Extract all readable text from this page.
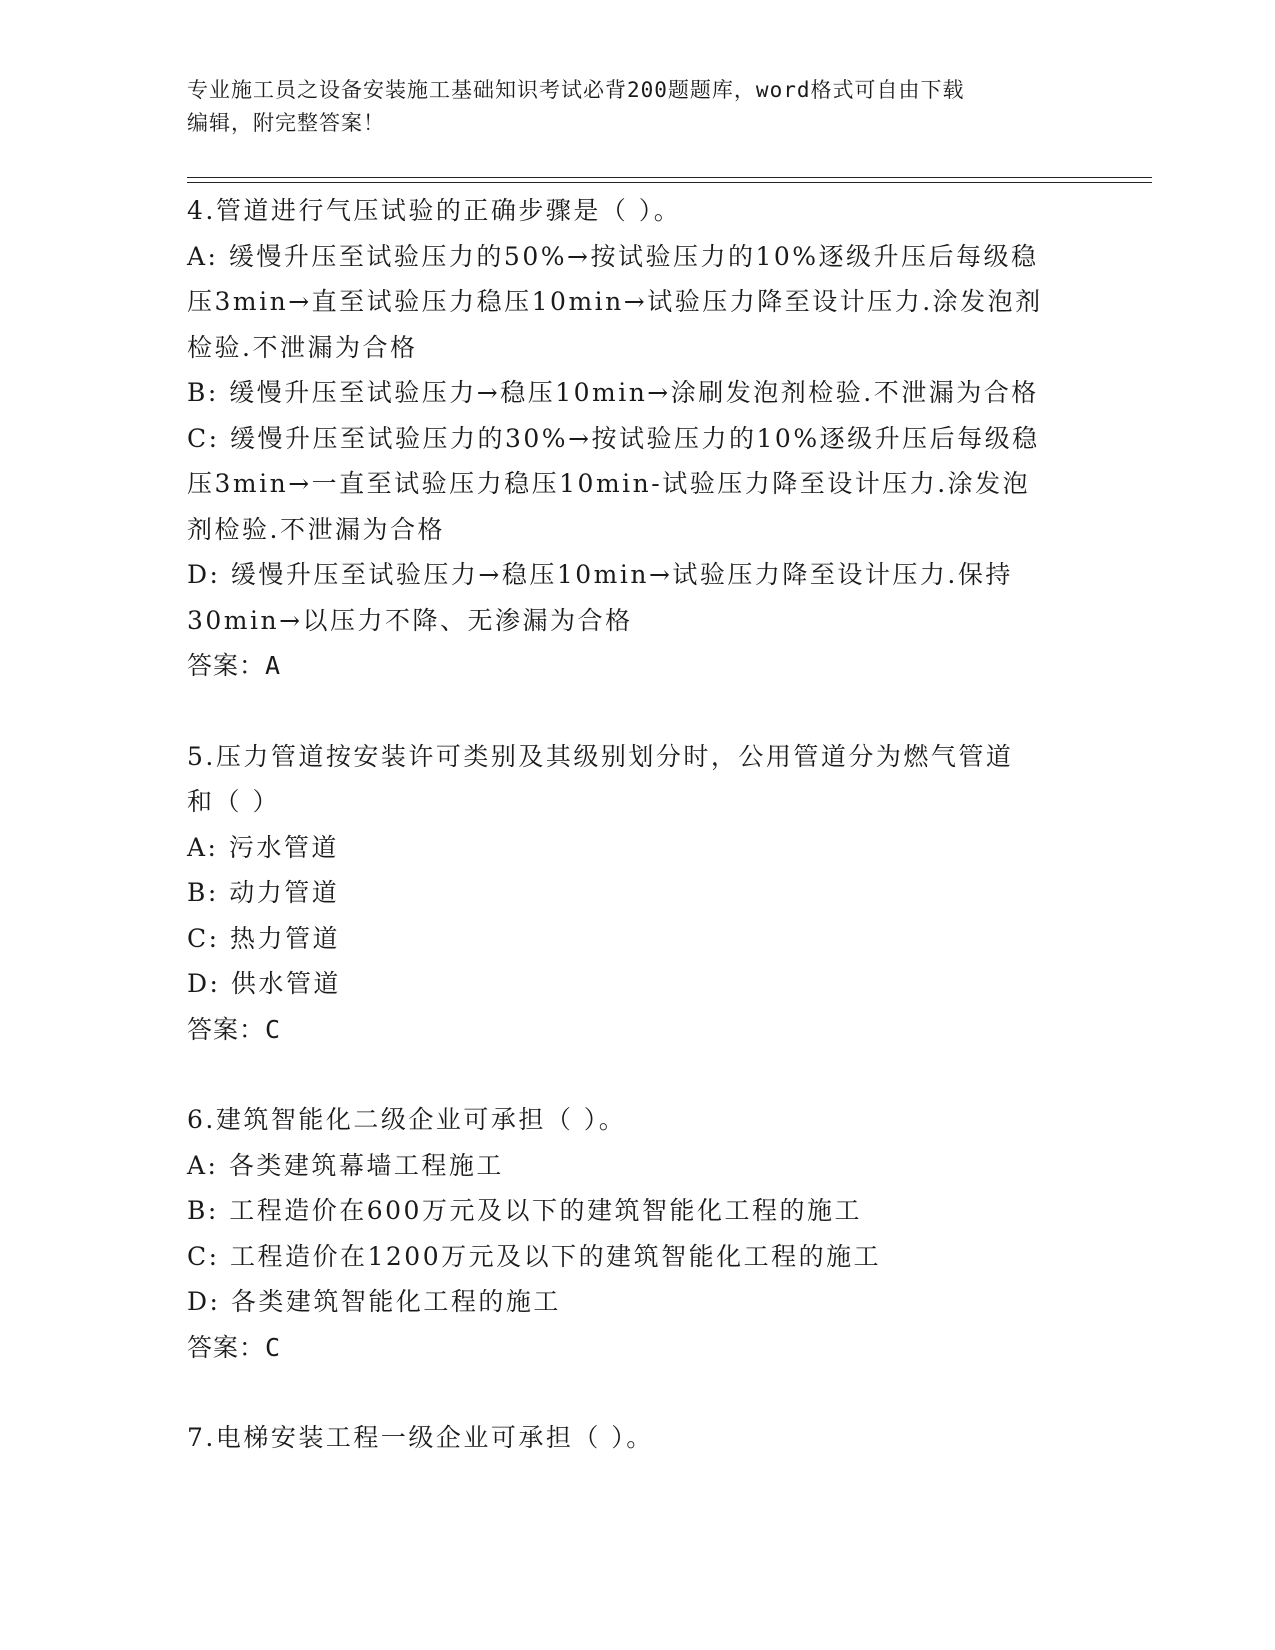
专业施工员之设备安装施工基础知识考试必背200题题库，word格式可自由下载
编辑，附完整答案！

4.管道进行气压试验的正确步骤是（ ）。

A: 缓慢升压至试验压力的50%→按试验压力的10%逐级升压后每级稳

压3min→直至试验压力稳压10min→试验压力降至设计压力.涂发泡剂

检验.不泄漏为合格

B: 缓慢升压至试验压力→稳压10min→涂刷发泡剂检验.不泄漏为合格

C: 缓慢升压至试验压力的30%→按试验压力的10%逐级升压后每级稳

压3min→一直至试验压力稳压10min-试验压力降至设计压力.涂发泡

剂检验.不泄漏为合格

D: 缓慢升压至试验压力→稳压10min→试验压力降至设计压力.保持

30min→以压力不降、无渗漏为合格

答案：A

5.压力管道按安装许可类别及其级别划分时，公用管道分为燃气管道

和（ ）

A: 污水管道

B: 动力管道

C: 热力管道

D: 供水管道

答案：C

6.建筑智能化二级企业可承担（ ）。

A: 各类建筑幕墙工程施工

B: 工程造价在600万元及以下的建筑智能化工程的施工

C: 工程造价在1200万元及以下的建筑智能化工程的施工

D: 各类建筑智能化工程的施工

答案：C

7.电梯安装工程一级企业可承担（ ）。
